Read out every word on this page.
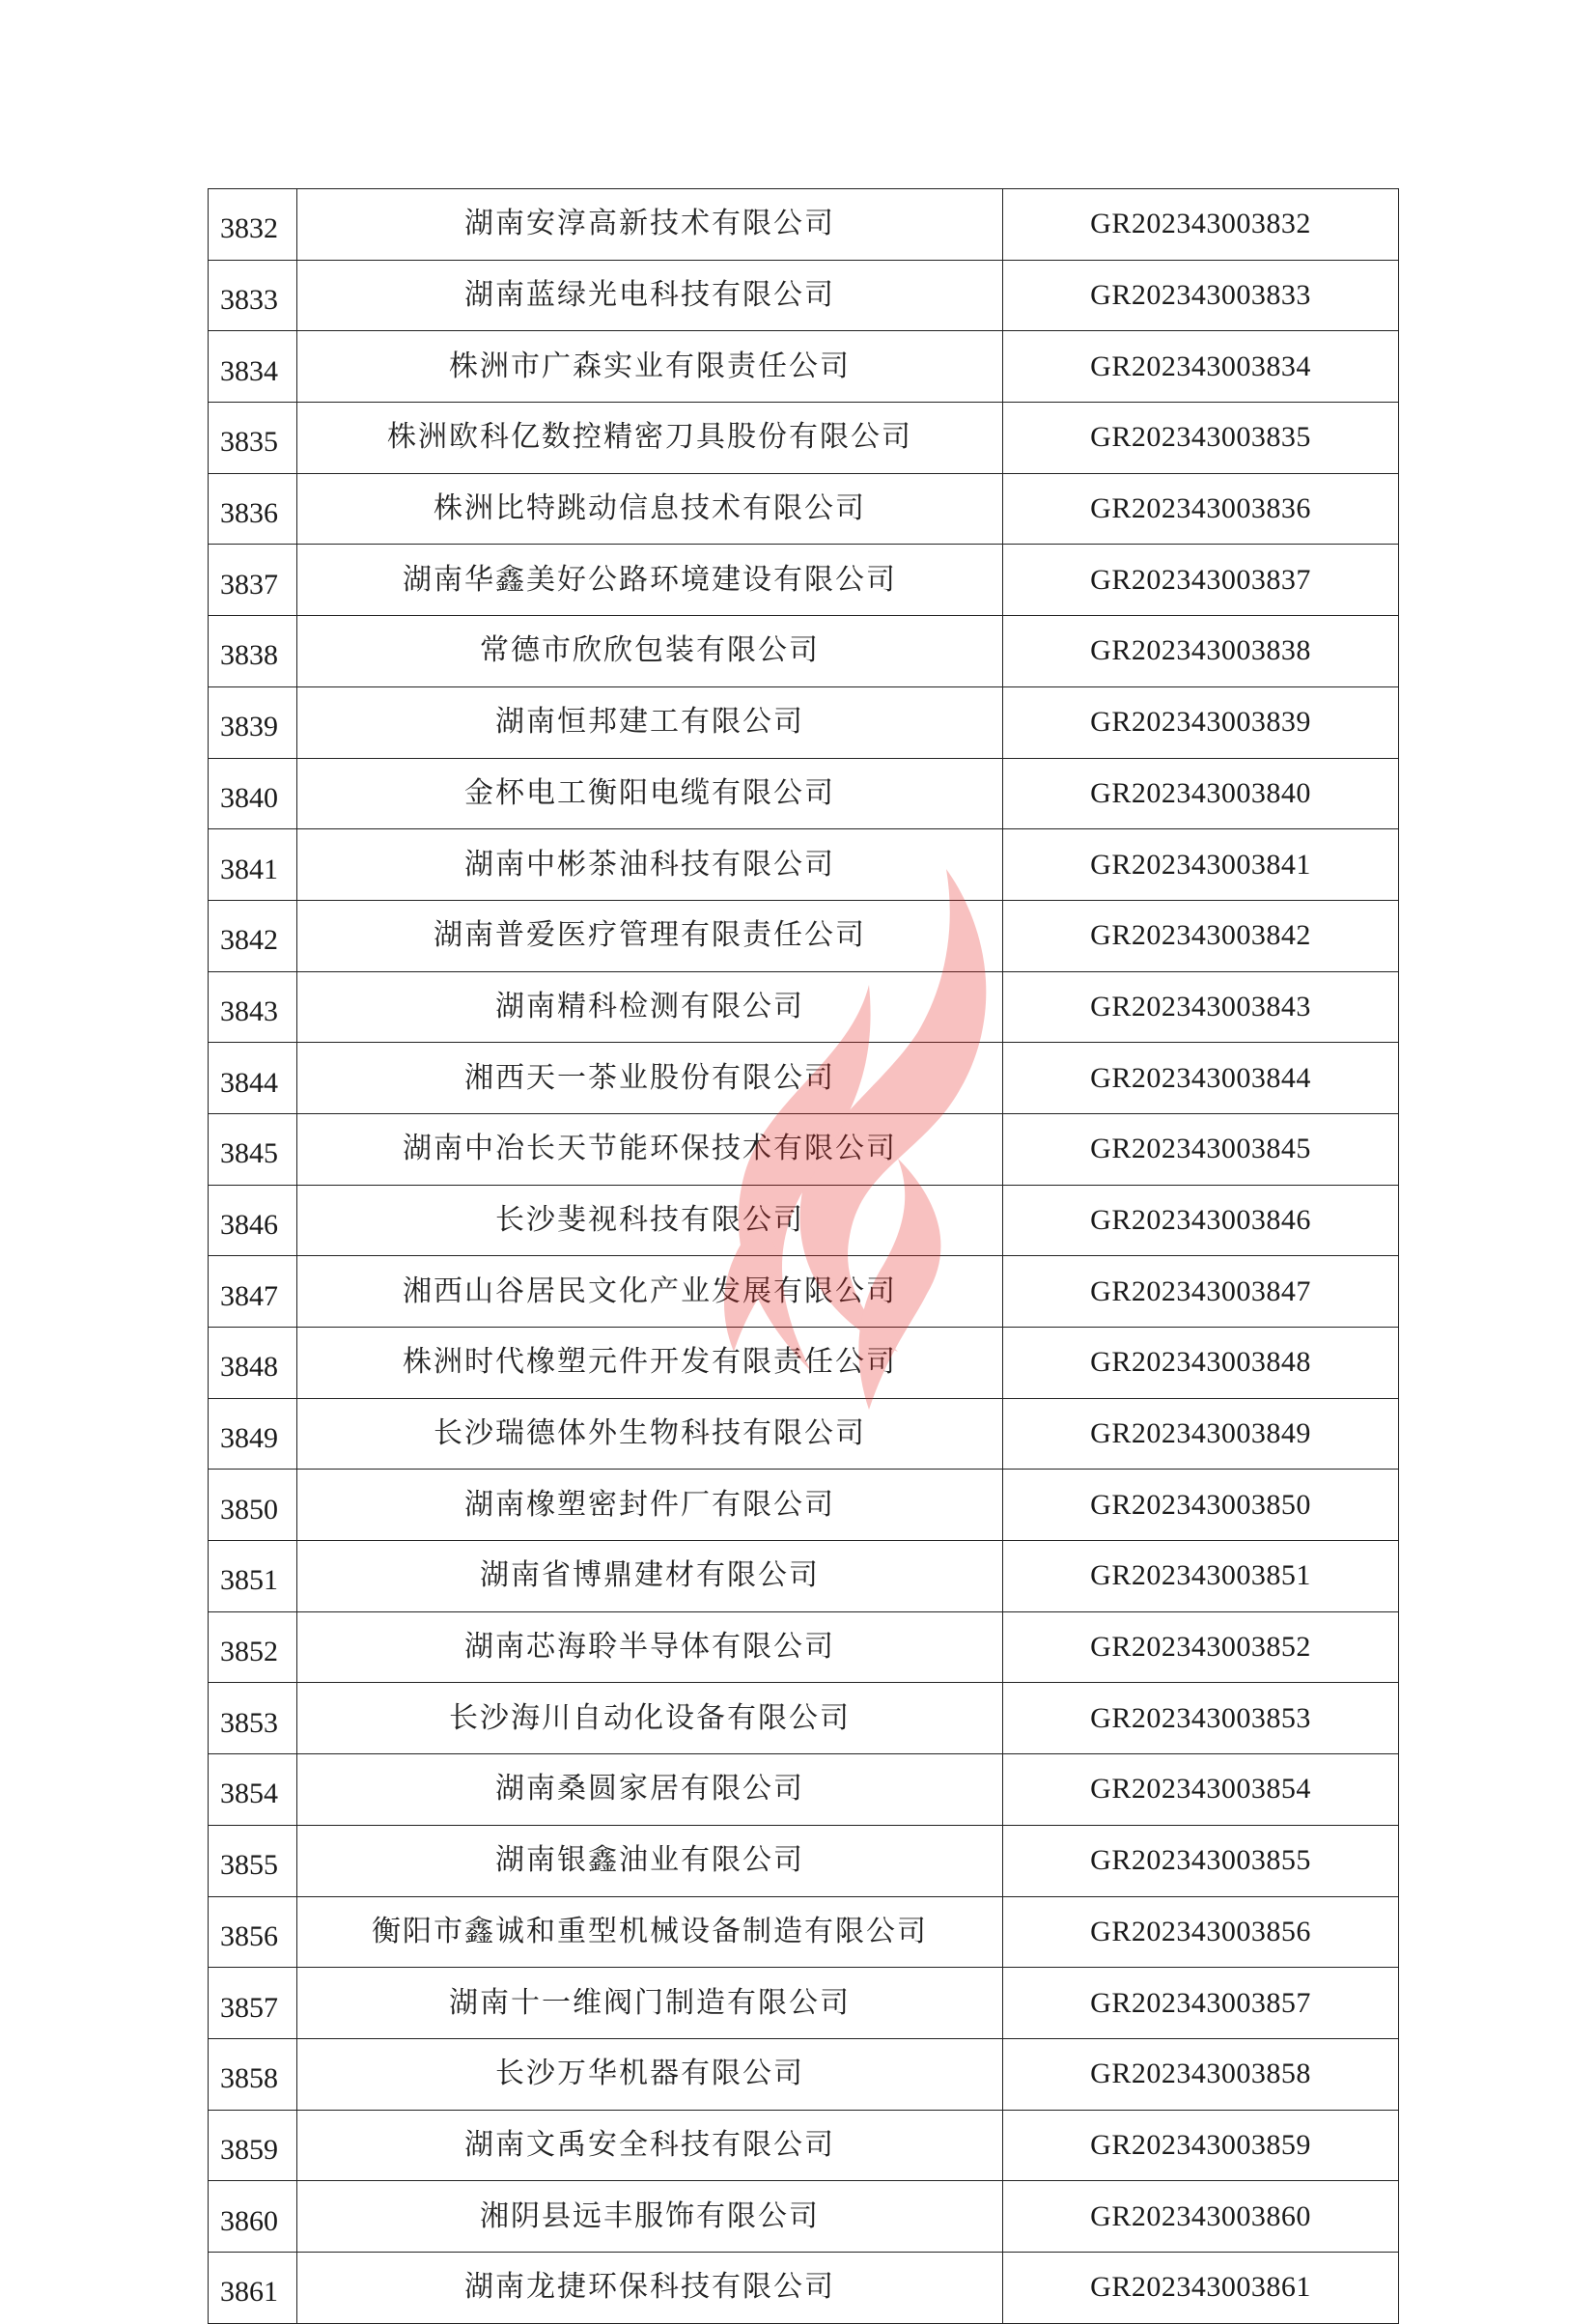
3832	湖南安淳高新技术有限公司	GR202343003832
3833	湖南蓝绿光电科技有限公司	GR202343003833
3834	株洲市广森实业有限责任公司	GR202343003834
3835	株洲欧科亿数控精密刀具股份有限公司	GR202343003835
3836	株洲比特跳动信息技术有限公司	GR202343003836
3837	湖南华鑫美好公路环境建设有限公司	GR202343003837
3838	常德市欣欣包装有限公司	GR202343003838
3839	湖南恒邦建工有限公司	GR202343003839
3840	金杯电工衡阳电缆有限公司	GR202343003840
3841	湖南中彬茶油科技有限公司	GR202343003841
3842	湖南普爱医疗管理有限责任公司	GR202343003842
3843	湖南精科检测有限公司	GR202343003843
3844	湘西天一茶业股份有限公司	GR202343003844
3845	湖南中冶长天节能环保技术有限公司	GR202343003845
3846	长沙斐视科技有限公司	GR202343003846
3847	湘西山谷居民文化产业发展有限公司	GR202343003847
3848	株洲时代橡塑元件开发有限责任公司	GR202343003848
3849	长沙瑞德体外生物科技有限公司	GR202343003849
3850	湖南橡塑密封件厂有限公司	GR202343003850
3851	湖南省博鼎建材有限公司	GR202343003851
3852	湖南芯海聆半导体有限公司	GR202343003852
3853	长沙海川自动化设备有限公司	GR202343003853
3854	湖南桑圆家居有限公司	GR202343003854
3855	湖南银鑫油业有限公司	GR202343003855
3856	衡阳市鑫诚和重型机械设备制造有限公司	GR202343003856
3857	湖南十一维阀门制造有限公司	GR202343003857
3858	长沙万华机器有限公司	GR202343003858
3859	湖南文禹安全科技有限公司	GR202343003859
3860	湘阴县远丰服饰有限公司	GR202343003860
3861	湖南龙捷环保科技有限公司	GR202343003861
